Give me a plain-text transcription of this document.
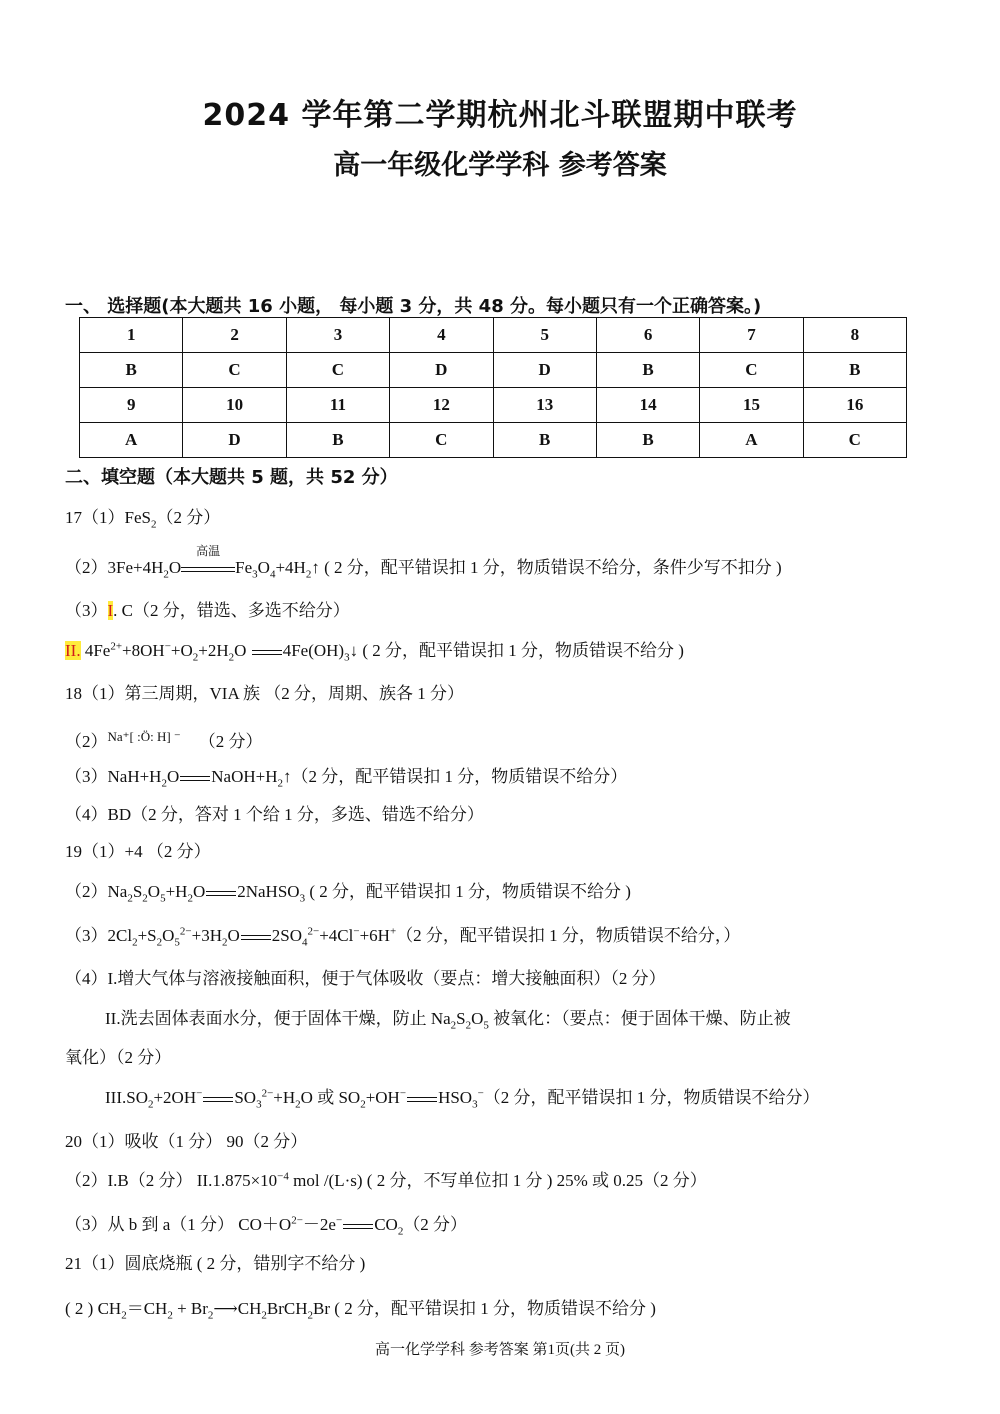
2024 学年第二学期杭州北斗联盟期中联考
高一年级化学学科 参考答案
一、 选择题(本大题共 16 小题， 每小题 3 分，共 48 分。每小题只有一个正确答案。)
1	2	3	4	5	6	7	8
B	C	C	D	D	B	C	B
9	10	11	12	13	14	15	16
A	D	B	C	B	B	A	C
二、填空题（本大题共 5 题，共 52 分）
17（1）FeS$_2$（2 分）
$(2)3Fe+4H_2O$
高温
$Fe_3O_4+4H_2↑$ ( 2 分，配平错误扣 1 分，物质错误不给分，条件少写不扣分 )
（3）I. C（2 分，错选、多选不给分）
II. $4Fe^{2+}+8OH^-+O_2+2H_2O$ $4Fe(OH)_3↓$ ( 2 分，配平错误扣 1 分，物质错误不给分 )
18（1）第三周期，VIA 族 （2 分，周期、族各 1 分）
（2）Na⁺[ :Ö: H] ⁻ （2 分）
$(3)NaH+H_2O$ $NaOH+H_2↑(2$ 分，配平错误扣 1 分，物质错误不给分）
（4）BD（2 分，答对 1 个给 1 分，多选、错选不给分）
19（1）+4 （2 分）
$(2)Na_2S_2O_5+H_2O$ 2NaHSO$_3$ ( 2 分，配平错误扣 1 分，物质错误不给分 )
$(3)2Cl_2+S_2O_5^{2-}+3H_2O$ $2SO_4^{2-}+4Cl^-+6H^+(2$ 分，配平错误扣 1 分，物质错误不给分，）
（4）I.增大气体与溶液接触面积，便于气体吸收（要点：增大接触面积）（2 分）
II.洗去固体表面水分，便于固体干燥，防止 $Na_2S_2O_5$ 被氧化：（要点：便于固体干燥、防止被
氧化）（2 分）
$III.SO_2+2OH^-$ $SO_3^{2-}+H_2O$ 或 $SO_2+OH^-$ $HSO_3^-(2$ 分，配平错误扣 1 分，物质错误不给分）
20（1）吸收（1 分） 90（2 分）
（2）I.B（2 分） $II.1.875\times 10^{-4}$ mol /(L·s) ( 2 分，不写单位扣 1 分 ) 25% 或 0.25（2 分）
（3）从 b 到 a（1 分） $CO+O^{2-}-2e^-$ $CO_2(2$ 分）
21（1）圆底烧瓶 ( 2 分，错别字不给分 )
( 2 ) $CH_2=CH_2$ + $Br_2⟶CH_2BrCH_2Br$ ( 2 分，配平错误扣 1 分，物质错误不给分 )
高一化学学科 参考答案 第1页(共 2 页)
